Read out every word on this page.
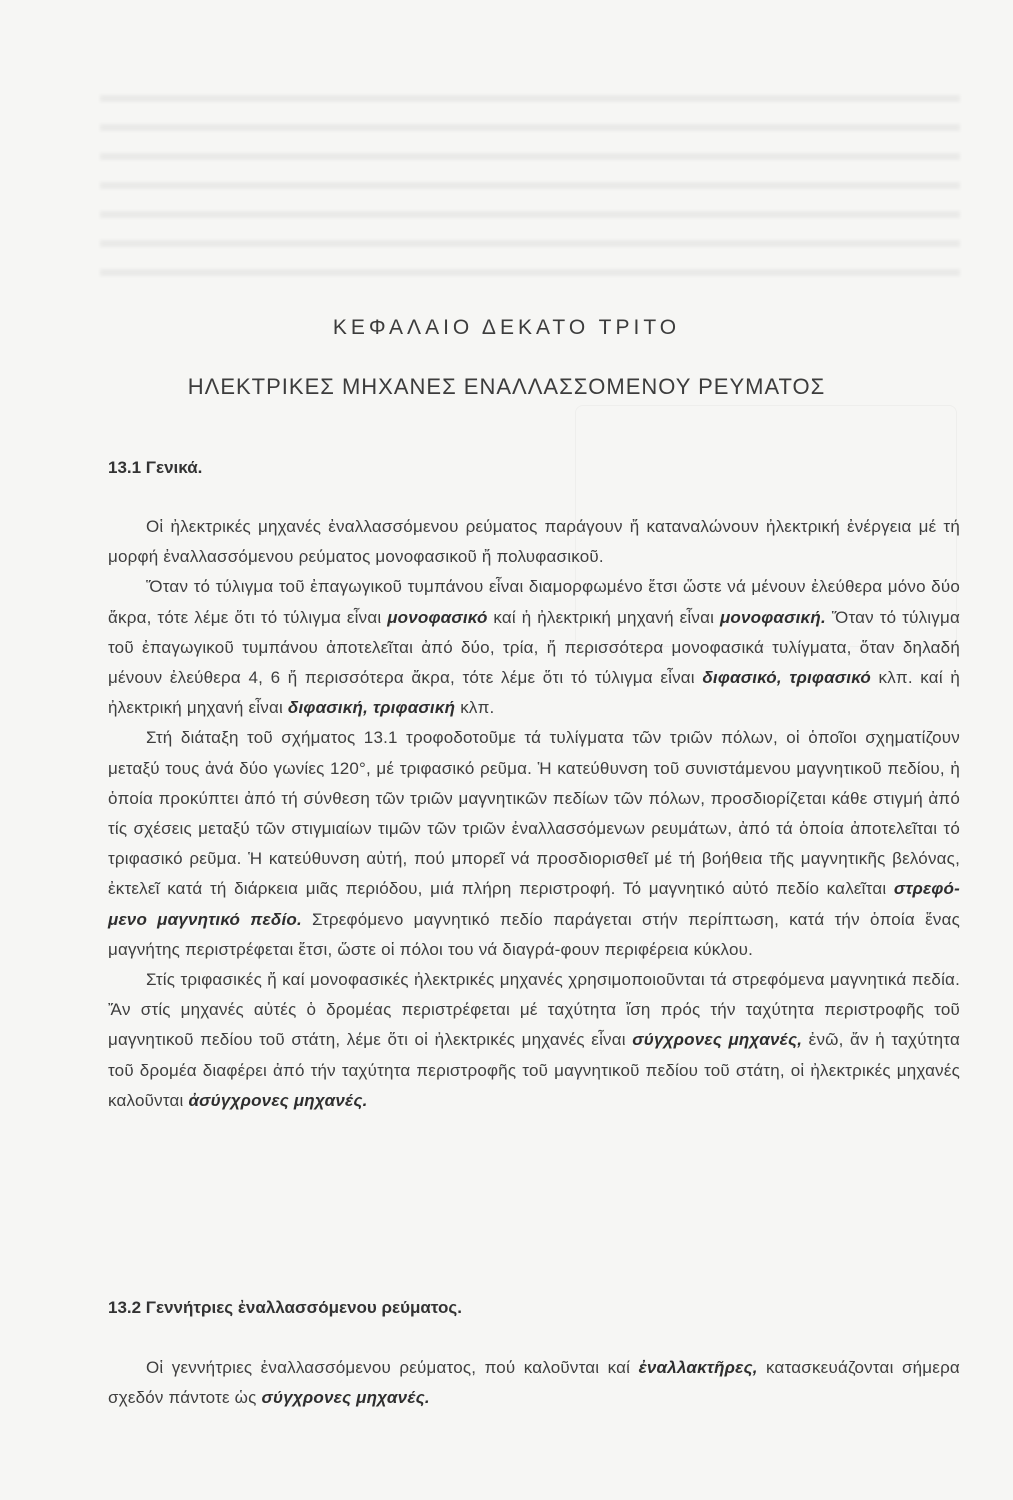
ΚΕΦΑΛΑΙΟ ΔΕΚΑΤΟ ΤΡΙΤΟ
ΗΛΕΚΤΡΙΚΕΣ ΜΗΧΑΝΕΣ ΕΝΑΛΛΑΣΣΟΜΕΝΟΥ ΡΕΥΜΑΤΟΣ
13.1 Γενικά.

Οἱ ἠλεκτρικές μηχανές ἐναλλασσόμενου ρεύματος παράγουν ἤ καταναλώνουν ἠλεκτρική ἐνέργεια μέ τή μορφή ἐναλλασσόμενου ρεύματος μονοφασικοῦ ἤ πολυφασικοῦ.

Ὅταν τό τύλιγμα τοῦ ἐπαγωγικοῦ τυμπάνου εἶναι διαμορφωμένο ἔτσι ὥστε νά μένουν ἐλεύθερα μόνο δύο ἄκρα, τότε λέμε ὅτι τό τύλιγμα εἶναι μονοφασικό καί ἡ ἠλεκτρική μηχανή εἶναι μονοφασική. Ὅταν τό τύλιγμα τοῦ ἐπαγωγικοῦ τυμπάνου ἀποτελεῖται ἀπό δύο, τρία, ἤ περισσότερα μονοφασικά τυλίγματα, ὅταν δηλαδή μένουν ἐλεύθερα 4, 6 ἤ περισσότερα ἄκρα, τότε λέμε ὅτι τό τύλιγμα εἶναι διφασικό, τριφασικό κλπ. καί ἡ ἠλεκτρική μηχανή εἶναι διφασική, τριφασική κλπ.

Στή διάταξη τοῦ σχήματος 13.1 τροφοδοτοῦμε τά τυλίγματα τῶν τριῶν πόλων, οἱ ὁποῖοι σχηματίζουν μεταξύ τους ἀνά δύο γωνίες 120°, μέ τριφασικό ρεῦμα. Ἡ κατεύθυνση τοῦ συνιστάμενου μαγνητικοῦ πεδίου, ἡ ὁποία προκύπτει ἀπό τή σύνθεση τῶν τριῶν μαγνητικῶν πεδίων τῶν πόλων, προσδιορίζεται κάθε στιγμή ἀπό τίς σχέσεις μεταξύ τῶν στιγμιαίων τιμῶν τῶν τριῶν ἐναλλασσόμενων ρευμάτων, ἀπό τά ὁποία ἀποτελεῖται τό τριφασικό ρεῦμα. Ἡ κατεύθυνση αὐτή, πού μπορεῖ νά προσδιορισθεῖ μέ τή βοήθεια τῆς μαγνητικῆς βελόνας, ἐκτελεῖ κατά τή διάρκεια μιᾶς περιόδου, μιά πλήρη περιστροφή. Τό μαγνητικό αὐτό πεδίο καλεῖται στρεφό-μενο μαγνητικό πεδίο. Στρεφόμενο μαγνητικό πεδίο παράγεται στήν περίπτωση, κατά τήν ὁποία ἕνας μαγνήτης περιστρέφεται ἔτσι, ὥστε οἱ πόλοι του νά διαγρά-φουν περιφέρεια κύκλου.

Στίς τριφασικές ἤ καί μονοφασικές ἠλεκτρικές μηχανές χρησιμοποιοῦνται τά στρεφόμενα μαγνητικά πεδία. Ἄν στίς μηχανές αὐτές ὁ δρομέας περιστρέφεται μέ ταχύτητα ἴση πρός τήν ταχύτητα περιστροφῆς τοῦ μαγνητικοῦ πεδίου τοῦ στάτη, λέμε ὅτι οἱ ἠλεκτρικές μηχανές εἶναι σύγχρονες μηχανές, ἐνῶ, ἄν ἡ ταχύτητα τοῦ δρομέα διαφέρει ἀπό τήν ταχύτητα περιστροφῆς τοῦ μαγνητικοῦ πεδίου τοῦ στάτη, οἱ ἠλεκτρικές μηχανές καλοῦνται ἀσύγχρονες μηχανές.

13.2 Γεννήτριες ἐναλλασσόμενου ρεύματος.

Οἱ γεννήτριες ἐναλλασσόμενου ρεύματος, πού καλοῦνται καί ἐναλλακτῆρες, κατασκευάζονται σήμερα σχεδόν πάντοτε ὡς σύγχρονες μηχανές.
